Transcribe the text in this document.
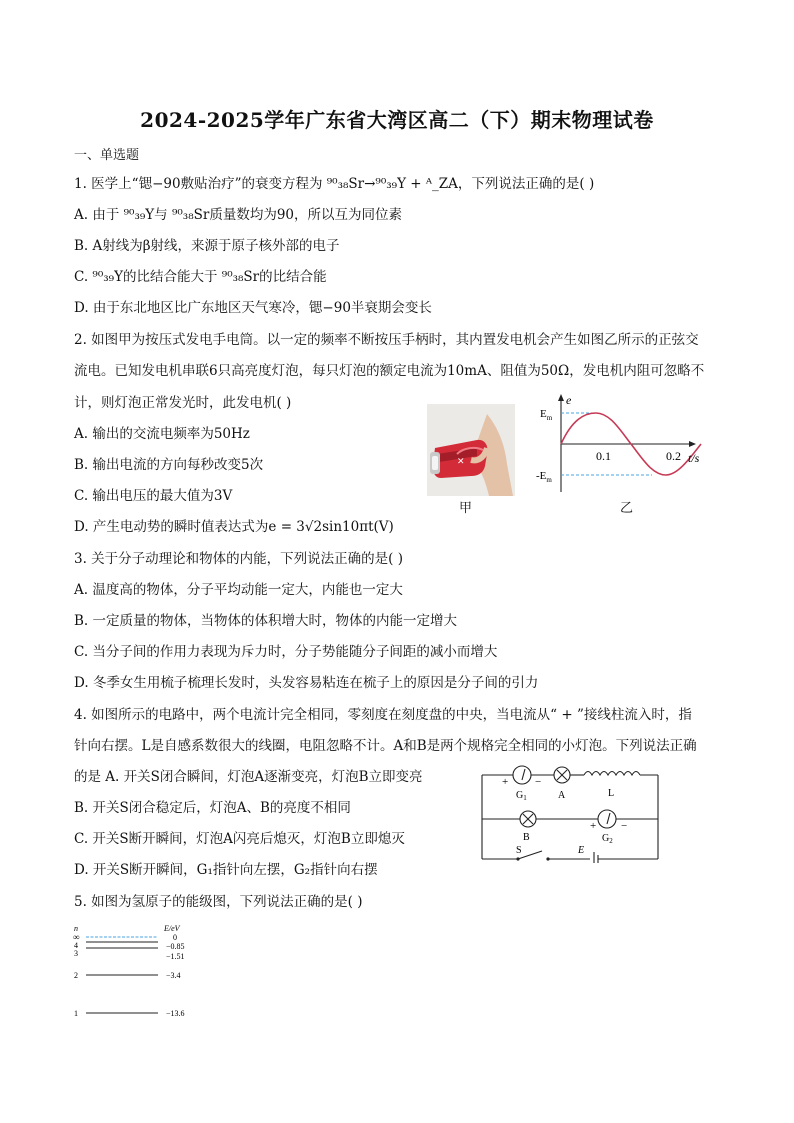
2024-2025学年广东省大湾区高二（下）期末物理试卷
一、单选题
1. 医学上“锶−90敷贴治疗”的衰变方程为 ⁹⁰₃₈Sr→⁹⁰₃₉Y + ᴬ_ZA，下列说法正确的是( )
A. 由于 ⁹⁰₃₉Y与 ⁹⁰₃₈Sr质量数均为90，所以互为同位素
B. A射线为β射线，来源于原子核外部的电子
C. ⁹⁰₃₉Y的比结合能大于 ⁹⁰₃₈Sr的比结合能
D. 由于东北地区比广东地区天气寒冷，锶−90半衰期会变长
2. 如图甲为按压式发电手电筒。以一定的频率不断按压手柄时，其内置发电机会产生如图乙所示的正弦交
流电。已知发电机串联6只高亮度灯泡，每只灯泡的额定电流为10mA、阻值为50Ω，发电机内阻可忽略不
计，则灯泡正常发光时，此发电机( )
A. 输出的交流电频率为50Hz
B. 输出电流的方向每秒改变5次
C. 输出电压的最大值为3V
D. 产生电动势的瞬时值表达式为e = 3√2sin10πt(V)
3. 关于分子动理论和物体的内能，下列说法正确的是( )
A. 温度高的物体，分子平均动能一定大，内能也一定大
B. 一定质量的物体，当物体的体积增大时，物体的内能一定增大
C. 当分子间的作用力表现为斥力时，分子势能随分子间距的减小而增大
D. 冬季女生用梳子梳理长发时，头发容易粘连在梳子上的原因是分子间的引力
4. 如图所示的电路中，两个电流计完全相同，零刻度在刻度盘的中央，当电流从“ + ”接线柱流入时，指
针向右摆。L是自感系数很大的线圈，电阻忽略不计。A和B是两个规格完全相同的小灯泡。下列说法正确
的是 A. 开关S闭合瞬间，灯泡A逐渐变亮，灯泡B立即变亮
B. 开关S闭合稳定后，灯泡A、B的亮度不相同
C. 开关S断开瞬间，灯泡A闪亮后熄灭，灯泡B立即熄灭
D. 开关S断开瞬间，G₁指针向左摆，G₂指针向右摆
5. 如图为氢原子的能级图，下列说法正确的是( )
✕
甲
e
$E_m$
$-E_m$
0.1	0.2 t/s
乙
+ −
$G_1$	A	L
B
+ −
$G_2$
S	E
n	E/eV
∞	0
4	−0.85
3	−1.51
2	−3.4
1	−13.6
